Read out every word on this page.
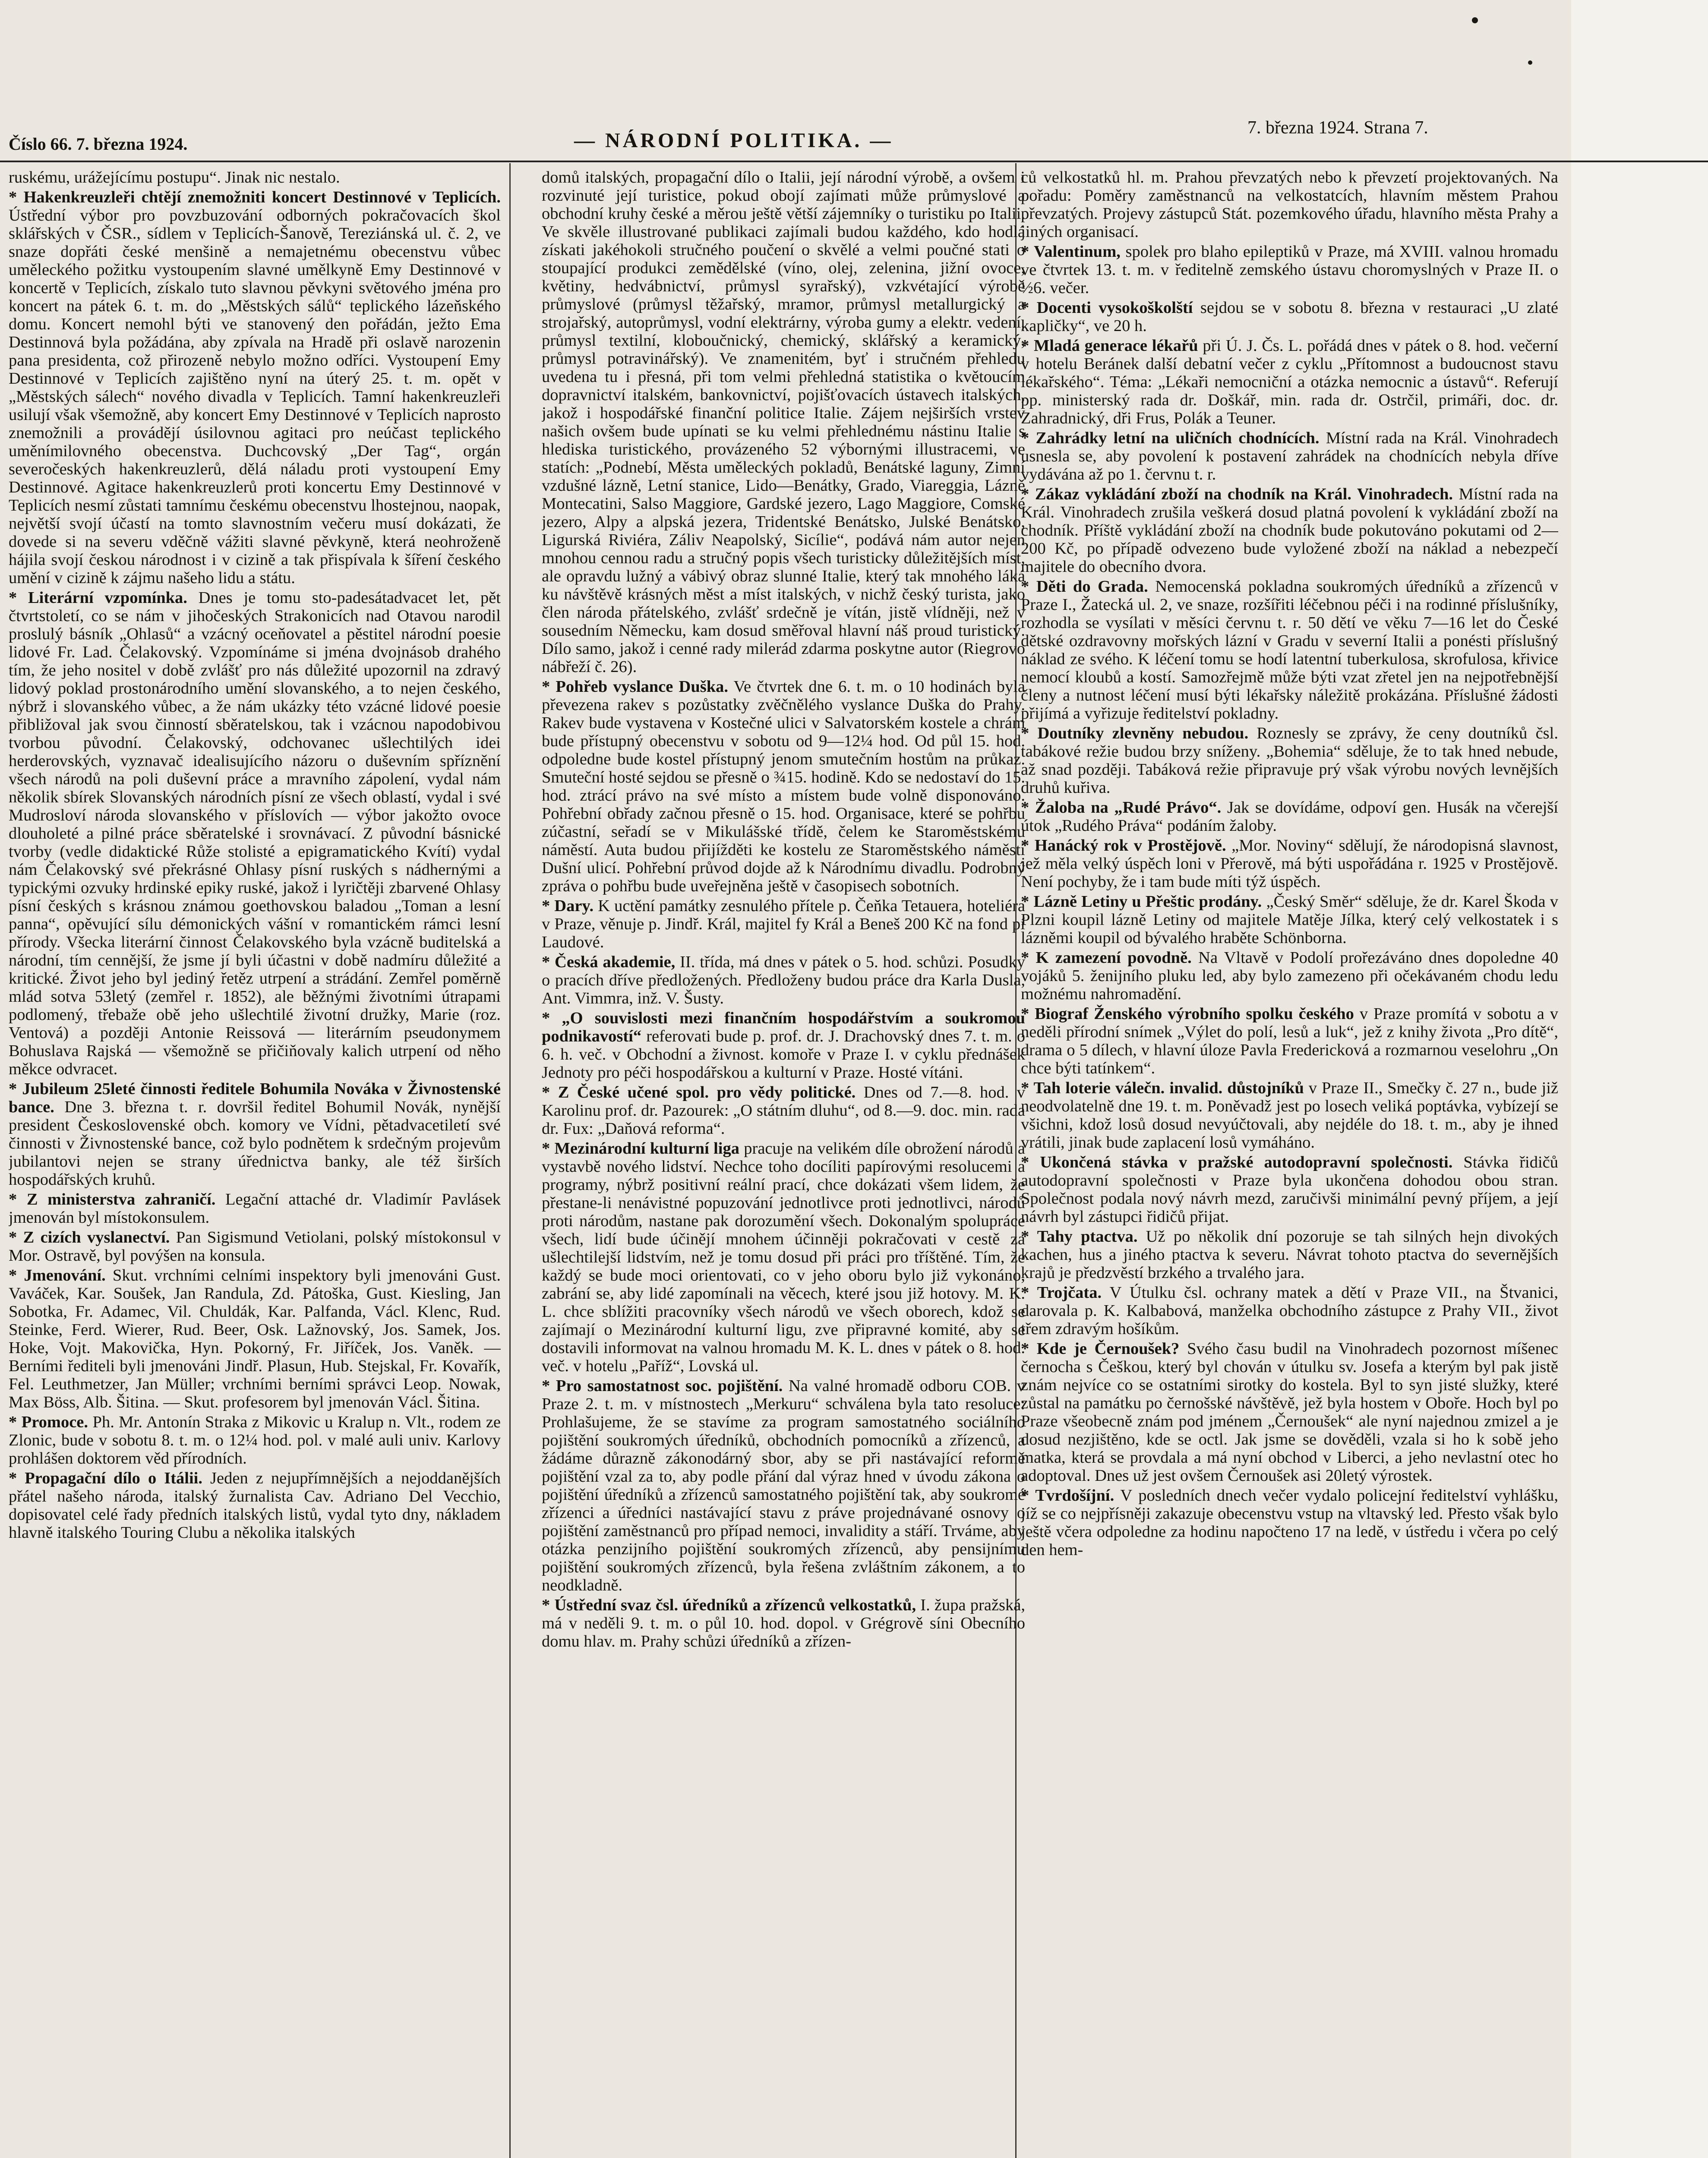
Číslo 66. 7. března 1924.	— NÁRODNÍ POLITIKA. —
7. března 1924. Strana 7.

ruskému, urážejícímu postupu“. Jinak nic nestalo.

* Hakenkreuzleři chtějí znemožniti koncert Destinnové v Teplicích. Ústřední výbor pro povzbuzování odborných pokračovacích škol sklářských v ČSR., sídlem v Teplicích-Šanově, Tereziánská ul. č. 2, ve snaze dopřáti české menšině a nemajetnému obecenstvu vůbec uměleckého požitku vystoupením slavné umělkyně Emy Destinnové v koncertě v Teplicích, získalo tuto slavnou pěvkyni světového jména pro koncert na pátek 6. t. m. do „Městských sálů“ teplického lázeňského domu. Koncert nemohl býti ve stanovený den pořádán, ježto Ema Destinnová byla požádána, aby zpívala na Hradě při oslavě narozenin pana presidenta, což přirozeně nebylo možno odříci. Vystoupení Emy Destinnové v Teplicích zajištěno nyní na úterý 25. t. m. opět v „Městských sálech“ nového divadla v Teplicích. Tamní hakenkreuzleři usilují však všemožně, aby koncert Emy Destinnové v Teplicích naprosto znemožnili a provádějí úsilovnou agitaci pro neúčast teplického uměnímilovného obecenstva. Duchcovský „Der Tag“, orgán severočeských hakenkreuzlerů, dělá náladu proti vystoupení Emy Destinnové. Agitace hakenkreuzlerů proti koncertu Emy Destinnové v Teplicích nesmí zůstati tamnímu českému obecenstvu lhostejnou, naopak, největší svojí účastí na tomto slavnostním večeru musí dokázati, že dovede si na severu vděčně vážiti slavné pěvkyně, která neohroženě hájila svojí českou národnost i v cizině a tak přispívala k šíření českého umění v cizině k zájmu našeho lidu a státu.

* Literární vzpomínka. Dnes je tomu sto-padesátadvacet let, pět čtvrtstoletí, co se nám v jihočeských Strakonicích nad Otavou narodil proslulý básník „Ohlasů“ a vzácný oceňovatel a pěstitel národní poesie lidové Fr. Lad. Čelakovský. Vzpomínáme si jména dvojnásob drahého tím, že jeho nositel v době zvlášť pro nás důležité upozornil na zdravý lidový poklad prostonárodního umění slovanského, a to nejen českého, nýbrž i slovanského vůbec, a že nám ukázky této vzácné lidové poesie přibližoval jak svou činností sběratelskou, tak i vzácnou napodobivou tvorbou původní. Čelakovský, odchovanec ušlechtilých idei herderovských, vyznavač idealisujícího názoru o duševním spříznění všech národů na poli duševní práce a mravního zápolení, vydal nám několik sbírek Slovanských národních písní ze všech oblastí, vydal i své Mudrosloví národa slovanského v příslovích — výbor jakožto ovoce dlouholeté a pilné práce sběratelské i srovnávací. Z původní básnické tvorby (vedle didaktické Růže stolisté a epigramatického Kvítí) vydal nám Čelakovský své překrásné Ohlasy písní ruských s nádhernými a typickými ozvuky hrdinské epiky ruské, jakož i lyričtěji zbarvené Ohlasy písní českých s krásnou známou goethovskou baladou „Toman a lesní panna“, opěvující sílu démonických vášní v romantickém rámci lesní přírody. Všecka literární činnost Čelakovského byla vzácně buditelská a národní, tím cennější, že jsme jí byli účastni v době nadmíru důležité a kritické. Život jeho byl jediný řetěz utrpení a strádání. Zemřel poměrně mlád sotva 53letý (zemřel r. 1852), ale běžnými životními útrapami podlomený, třebaže obě jeho ušlechtilé životní družky, Marie (roz. Ventová) a později Antonie Reissová — literárním pseudonymem Bohuslava Rajská — všemožně se přičiňovaly kalich utrpení od něho měkce odvracet.

* Jubileum 25leté činnosti ředitele Bohumila Nováka v Živnostenské bance. Dne 3. března t. r. dovršil ředitel Bohumil Novák, nynější president Československé obch. komory ve Vídni, pětadvacetiletí své činnosti v Živnostenské bance, což bylo podnětem k srdečným projevům jubilantovi nejen se strany úřednictva banky, ale též širších hospodářských kruhů.

* Z ministerstva zahraničí. Legační attaché dr. Vladimír Pavlásek jmenován byl místokonsulem.

* Z cizích vyslanectví. Pan Sigismund Vetiolani, polský místokonsul v Mor. Ostravě, byl povýšen na konsula.

* Jmenování. Skut. vrchními celními inspektory byli jmenováni Gust. Vaváček, Kar. Soušek, Jan Randula, Zd. Pátoška, Gust. Kiesling, Jan Sobotka, Fr. Adamec, Vil. Chuldák, Kar. Palfanda, Václ. Klenc, Rud. Steinke, Ferd. Wierer, Rud. Beer, Osk. Lažnovský, Jos. Samek, Jos. Hoke, Vojt. Makovička, Hyn. Pokorný, Fr. Jiříček, Jos. Vaněk. — Berními řediteli byli jmenováni Jindř. Plasun, Hub. Stejskal, Fr. Kovařík, Fel. Leuthmetzer, Jan Müller; vrchními berními správci Leop. Nowak, Max Böss, Alb. Šitina. — Skut. profesorem byl jmenován Václ. Šitina.

* Promoce. Ph. Mr. Antonín Straka z Mikovic u Kralup n. Vlt., rodem ze Zlonic, bude v sobotu 8. t. m. o 12¼ hod. pol. v malé auli univ. Karlovy prohlášen doktorem věd přírodních.

* Propagační dílo o Itálii. Jeden z nejupřímnějších a nejoddanějších přátel našeho národa, italský žurnalista Cav. Adriano Del Vecchio, dopisovatel celé řady předních italských listů, vydal tyto dny, nákladem hlavně italského Touring Clubu a několika italských

domů italských, propagační dílo o Italii, její národní výrobě, a ovšem i rozvinuté její turistice, pokud obojí zajímati může průmyslové a obchodní kruhy české a měrou ještě větší zájemníky o turistiku po Italii. Ve skvěle illustrované publikaci zajímali budou každého, kdo hodlá získati jakéhokoli stručného poučení o skvělé a velmi poučné stati o stoupající produkci zemědělské (víno, olej, zelenina, jižní ovoce, květiny, hedvábnictví, průmysl syrařský), vzkvétající výrobě průmyslové (průmysl těžařský, mramor, průmysl metallurgický a strojařský, autoprůmysl, vodní elektrárny, výroba gumy a elektr. vedení, průmysl textilní, kloboučnický, chemický, sklářský a keramický, průmysl potravinářský). Ve znamenitém, byť i stručném přehledu uvedena tu i přesná, při tom velmi přehledná statistika o květoucím dopravnictví italském, bankovnictví, pojišťovacích ústavech italských, jakož i hospodářské finanční politice Italie. Zájem nejširších vrstev našich ovšem bude upínati se ku velmi přehlednému nástinu Italie s hlediska turistického, provázeného 52 výbornými illustracemi, ve statích: „Podnebí, Města uměleckých pokladů, Benátské laguny, Zimní vzdušné lázně, Letní stanice, Lido—Benátky, Grado, Viareggia, Lázně Montecatini, Salso Maggiore, Gardské jezero, Lago Maggiore, Comské jezero, Alpy a alpská jezera, Tridentské Benátsko, Julské Benátsko, Ligurská Riviéra, Záliv Neapolský, Sicílie“, podává nám autor nejen mnohou cennou radu a stručný popis všech turisticky důležitějších míst, ale opravdu lužný a vábivý obraz slunné Italie, který tak mnohého láká ku návštěvě krásných měst a míst italských, v nichž český turista, jako člen národa přátelského, zvlášť srdečně je vítán, jistě vlídněji, než v sousedním Německu, kam dosud směřoval hlavní náš proud turistický. Dílo samo, jakož i cenné rady milerád zdarma poskytne autor (Riegrovo nábřeží č. 26).

* Pohřeb vyslance Duška. Ve čtvrtek dne 6. t. m. o 10 hodinách byla převezena rakev s pozůstatky zvěčnělého vyslance Duška do Prahy. Rakev bude vystavena v Kostečné ulici v Salvatorském kostele a chrám bude přístupný obecenstvu v sobotu od 9—12¼ hod. Od půl 15. hod. odpoledne bude kostel přístupný jenom smutečním hostům na průkaz. Smuteční hosté sejdou se přesně o ¾15. hodině. Kdo se nedostaví do 15. hod. ztrácí právo na své místo a místem bude volně disponováno. Pohřební obřady začnou přesně o 15. hod. Organisace, které se pohřbu zúčastní, seřadí se v Mikulášské třídě, čelem ke Staroměstskému náměstí. Auta budou přijížděti ke kostelu ze Staroměstského náměstí Dušní ulicí. Pohřební průvod dojde až k Národnímu divadlu. Podrobný zpráva o pohřbu bude uveřejněna ještě v časopisech sobotních.

* Dary. K uctění památky zesnulého přítele p. Čeňka Tetauera, hoteliéra v Praze, věnuje p. Jindř. Král, majitel fy Král a Beneš 200 Kč na fond pí Laudové.

* Česká akademie, II. třída, má dnes v pátek o 5. hod. schůzi. Posudky o pracích dříve předložených. Předloženy budou práce dra Karla Dusla, Ant. Vimmra, inž. V. Šusty.

* „O souvislosti mezi finančním hospodářstvím a soukromou podnikavostí“ referovati bude p. prof. dr. J. Drachovský dnes 7. t. m. o 6. h. več. v Obchodní a živnost. komoře v Praze I. v cyklu přednášek Jednoty pro péči hospodářskou a kulturní v Praze. Hosté vítáni.

* Z České učené spol. pro vědy politické. Dnes od 7.—8. hod. v Karolinu prof. dr. Pazourek: „O státním dluhu“, od 8.—9. doc. min. rada dr. Fux: „Daňová reforma“.

* Mezinárodní kulturní liga pracuje na velikém díle obrožení národů a vystavbě nového lidství. Nechce toho docíliti papírovými resolucemi a programy, nýbrž positivní reální prací, chce dokázati všem lidem, že přestane-li nenávistné popuzování jednotlivce proti jednotlivci, národů proti národům, nastane pak dorozumění všech. Dokonalým spolupráce všech, lidí bude účinějí mnohem účinněji pokračovati v cestě za ušlechtilejší lidstvím, než je tomu dosud při práci pro tříštěné. Tím, že každý se bude moci orientovati, co v jeho oboru bylo již vykonáno, zabrání se, aby lidé zapomínali na věcech, které jsou již hotovy. M. K. L. chce sblížiti pracovníky všech národů ve všech oborech, kdož se zajímají o Mezinárodní kulturní ligu, zve připravné komité, aby se dostavili informovat na valnou hromadu M. K. L. dnes v pátek o 8. hod. več. v hotelu „Paříž“, Lovská ul.

* Pro samostatnost soc. pojištění. Na valné hromadě odboru COB. v Praze 2. t. m. v místnostech „Merkuru“ schválena byla tato resoluce: Prohlašujeme, že se stavíme za program samostatného sociálního pojištění soukromých úředníků, obchodních pomocníků a zřízenců, a žádáme důrazně zákonodárný sbor, aby se při nastávající reformě pojištění vzal za to, aby podle přání dal výraz hned v úvodu zákona o pojištění úředníků a zřízenců samostatného pojištění tak, aby soukromé zřízenci a úředníci nastávající stavu z práve projednávané osnovy o pojištění zaměstnanců pro případ nemoci, invalidity a stáří. Trváme, aby otázka penzijního pojištění soukromých zřízenců, aby pensijnímu pojištění soukromých zřízenců, byla řešena zvláštním zákonem, a to neodkladně.

* Ústřední svaz čsl. úředníků a zřízenců velkostatků, I. župa pražská, má v neděli 9. t. m. o půl 10. hod. dopol. v Grégrově síni Obecního domu hlav. m. Prahy schůzi úředníků a zřízen-

ců velkostatků hl. m. Prahou převzatých nebo k převzetí projektovaných. Na pořadu: Poměry zaměstnanců na velkostatcích, hlavním městem Prahou převzatých. Projevy zástupců Stát. pozemkového úřadu, hlavního města Prahy a jiných organisací.

* Valentinum, spolek pro blaho epileptiků v Praze, má XVIII. valnou hromadu ve čtvrtek 13. t. m. v ředitelně zemského ústavu choromyslných v Praze II. o ½6. večer.

* Docenti vysokoškolští sejdou se v sobotu 8. března v restauraci „U zlaté kapličky“, ve 20 h.

* Mladá generace lékařů při Ú. J. Čs. L. pořádá dnes v pátek o 8. hod. večerní v hotelu Beránek další debatní večer z cyklu „Přítomnost a budoucnost stavu lékařského“. Téma: „Lékaři nemocniční a otázka nemocnic a ústavů“. Referují pp. ministerský rada dr. Doškář, min. rada dr. Ostrčil, primáři, doc. dr. Zahradnický, dři Frus, Polák a Teuner.

* Zahrádky letní na uličních chodnících. Místní rada na Král. Vinohradech usnesla se, aby povolení k postavení zahrádek na chodnících nebyla dříve vydávána až po 1. červnu t. r.

* Zákaz vykládání zboží na chodník na Král. Vinohradech. Místní rada na Král. Vinohradech zrušila veškerá dosud platná povolení k vykládání zboží na chodník. Příště vykládání zboží na chodník bude pokutováno pokutami od 2—200 Kč, po případě odvezeno bude vyložené zboží na náklad a nebezpečí majitele do obecního dvora.

* Děti do Grada. Nemocenská pokladna soukromých úředníků a zřízenců v Praze I., Žatecká ul. 2, ve snaze, rozšířiti léčebnou péči i na rodinné příslušníky, rozhodla se vysílati v měsíci červnu t. r. 50 dětí ve věku 7—16 let do České dětské ozdravovny mořských lázní v Gradu v severní Italii a ponésti příslušný náklad ze svého. K léčení tomu se hodí latentní tuberkulosa, skrofulosa, křivice nemocí kloubů a kostí. Samozřejmě může býti vzat zřetel jen na nejpotřebnější členy a nutnost léčení musí býti lékařsky náležitě prokázána. Příslušné žádosti přijímá a vyřizuje ředitelství pokladny.

* Doutníky zlevněny nebudou. Roznesly se zprávy, že ceny doutníků čsl. tabákové režie budou brzy sníženy. „Bohemia“ sděluje, že to tak hned nebude, až snad později. Tabáková režie připravuje prý však výrobu nových levnějších druhů kuřiva.

* Žaloba na „Rudé Právo“. Jak se dovídáme, odpoví gen. Husák na včerejší útok „Rudého Práva“ podáním žaloby.

* Hanácký rok v Prostějově. „Mor. Noviny“ sdělují, že národopisná slavnost, jež měla velký úspěch loni v Přerově, má býti uspořádána r. 1925 v Prostějově. Není pochyby, že i tam bude míti týž úspěch.

* Lázně Letiny u Přeštic prodány. „Český Směr“ sděluje, že dr. Karel Škoda v Plzni koupil lázně Letiny od majitele Matěje Jílka, který celý velkostatek i s lázněmi koupil od bývalého hraběte Schönborna.

* K zamezení povodně. Na Vltavě v Podolí prořezáváno dnes dopoledne 40 vojáků 5. ženijního pluku led, aby bylo zamezeno při očekávaném chodu ledu možnému nahromadění.

* Biograf Ženského výrobního spolku českého v Praze promítá v sobotu a v neděli přírodní snímek „Výlet do polí, lesů a luk“, jež z knihy života „Pro dítě“, drama o 5 dílech, v hlavní úloze Pavla Fredericková a rozmarnou veselohru „On chce býti tatínkem“.

* Tah loterie válečn. invalid. důstojníků v Praze II., Smečky č. 27 n., bude již neodvolatelně dne 19. t. m. Poněvadž jest po losech veliká poptávka, vybízejí se všichni, kdož losů dosud nevyúčtovali, aby nejdéle do 18. t. m., aby je ihned vrátili, jinak bude zaplacení losů vymáháno.

* Ukončená stávka v pražské autodopravní společnosti. Stávka řidičů autodopravní společnosti v Praze byla ukončena dohodou obou stran. Společnost podala nový návrh mezd, zaručivši minimální pevný příjem, a její návrh byl zástupci řidičů přijat.

* Tahy ptactva. Už po několik dní pozoruje se tah silných hejn divokých kachen, hus a jiného ptactva k severu. Návrat tohoto ptactva do severnějších krajů je předzvěstí brzkého a trvalého jara.

* Trojčata. V Útulku čsl. ochrany matek a dětí v Praze VII., na Štvanici, darovala p. K. Kalbabová, manželka obchodního zástupce z Prahy VII., život třem zdravým hošíkům.

* Kde je Černoušek? Svého času budil na Vinohradech pozornost míšenec černocha s Češkou, který byl chován v útulku sv. Josefa a kterým byl pak jistě znám nejvíce co se ostatními sirotky do kostela. Byl to syn jisté služky, které zůstal na památku po černošské návštěvě, jež byla hostem v Oboře. Hoch byl po Praze všeobecně znám pod jménem „Černoušek“ ale nyní najednou zmizel a je dosud nezjištěno, kde se octl. Jak jsme se dověděli, vzala si ho k sobě jeho matka, která se provdala a má nyní obchod v Liberci, a jeho nevlastní otec ho adoptoval. Dnes už jest ovšem Černoušek asi 20letý výrostek.

* Tvrdošíjní. V posledních dnech večer vydalo policejní ředitelství vyhlášku, jíž se co nejpřísněji zakazuje obecenstvu vstup na vltavský led. Přesto však bylo ještě včera odpoledne za hodinu napočteno 17 na ledě, v ústředu i včera po celý den hem-
